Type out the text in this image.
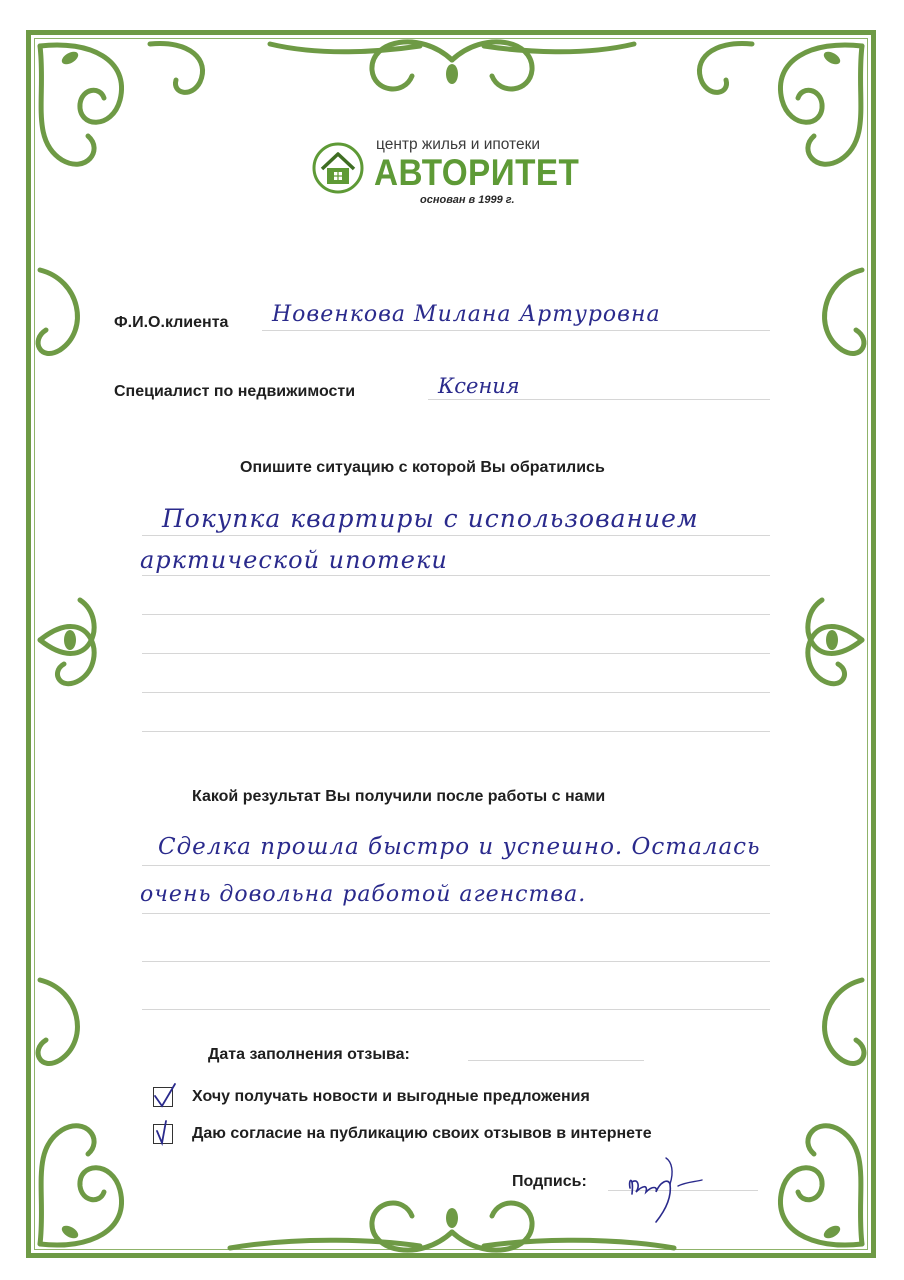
центр жилья и ипотеки
АВТОРИТЕТ
основан в 1999 г.
Ф.И.О.клиента Новенкова Милана Артуровна
Специалист по недвижимости	Ксения
Опишите ситуацию с которой Вы обратились
Покупка квартиры с использованием
арктической ипотеки
Какой результат Вы получили после работы с нами
Сделка прошла быстро и успешно. Осталась
очень довольна работой агенства.
Дата заполнения отзыва:
Хочу получать новости и выгодные предложения
Даю согласие на публикацию своих отзывов в интернете
Подпись:
